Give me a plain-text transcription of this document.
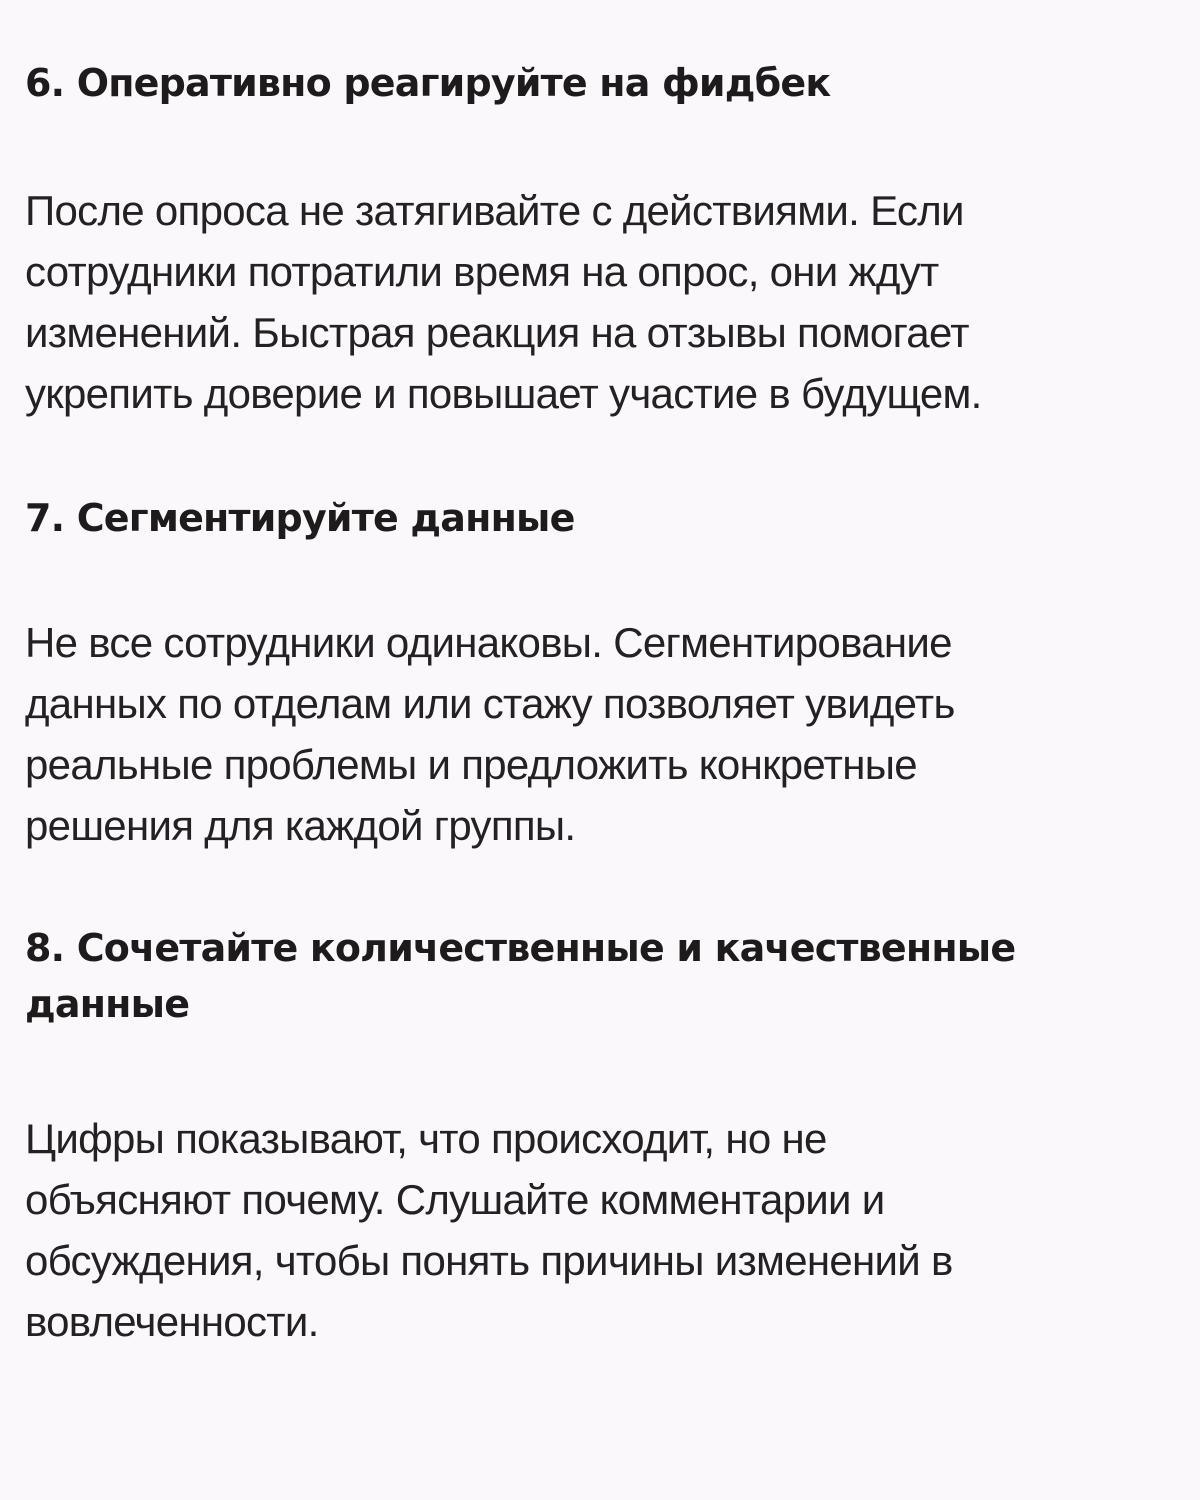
6. Оперативно реагируйте на фидбек

После опроса не затягивайте с действиями. Если
сотрудники потратили время на опрос, они ждут
изменений. Быстрая реакция на отзывы помогает
укрепить доверие и повышает участие в будущем.

7. Сегментируйте данные

Не все сотрудники одинаковы. Сегментирование
данных по отделам или стажу позволяет увидеть
реальные проблемы и предложить конкретные
решения для каждой группы.

8. Сочетайте количественные и качественные
данные

Цифры показывают, что происходит, но не
объясняют почему. Слушайте комментарии и
обсуждения, чтобы понять причины изменений в
вовлеченности.
